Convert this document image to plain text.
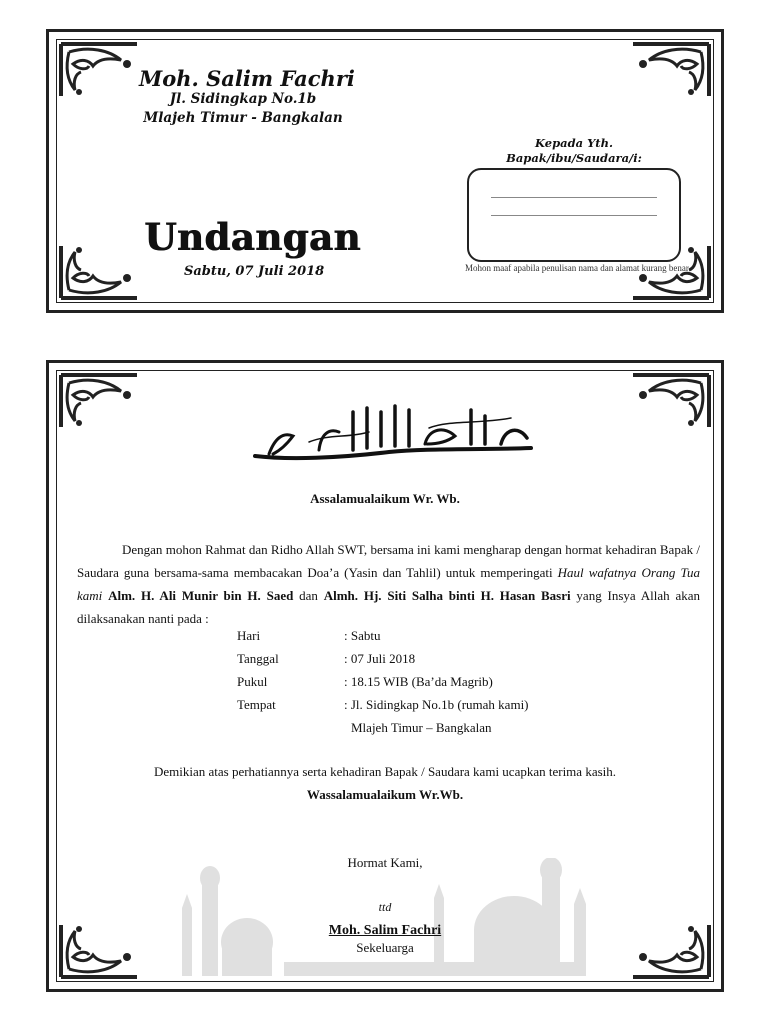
Moh. Salim Fachri
Jl. Sidingkap No.1b
Mlajeh Timur - Bangkalan
Undangan
Sabtu, 07 Juli 2018
Kepada Yth.
Bapak/ibu/Saudara/i:
Mohon maaf apabila penulisan nama dan alamat kurang benar
Assalamualaikum Wr. Wb.

Dengan mohon Rahmat dan Ridho Allah SWT, bersama ini kami mengharap dengan hormat kehadiran Bapak / Saudara guna bersama-sama membacakan Doa’a (Yasin dan Tahlil) untuk memperingati Haul wafatnya Orang Tua kami Alm. H. Ali Munir bin H. Saed dan Almh. Hj. Siti Salha binti H. Hasan Basri yang Insya Allah akan dilaksanakan nanti pada :

Hari	: Sabtu
Tanggal	: 07 Juli 2018
Pukul	: 18.15 WIB (Ba’da Magrib)
Tempat	: Jl. Sidingkap No.1b (rumah kami)
Mlajeh Timur – Bangkalan
Demikian atas perhatiannya serta kehadiran Bapak / Saudara kami ucapkan terima kasih.
Wassalamualaikum Wr.Wb.
Hormat Kami,
ttd
Moh. Salim Fachri
Sekeluarga
